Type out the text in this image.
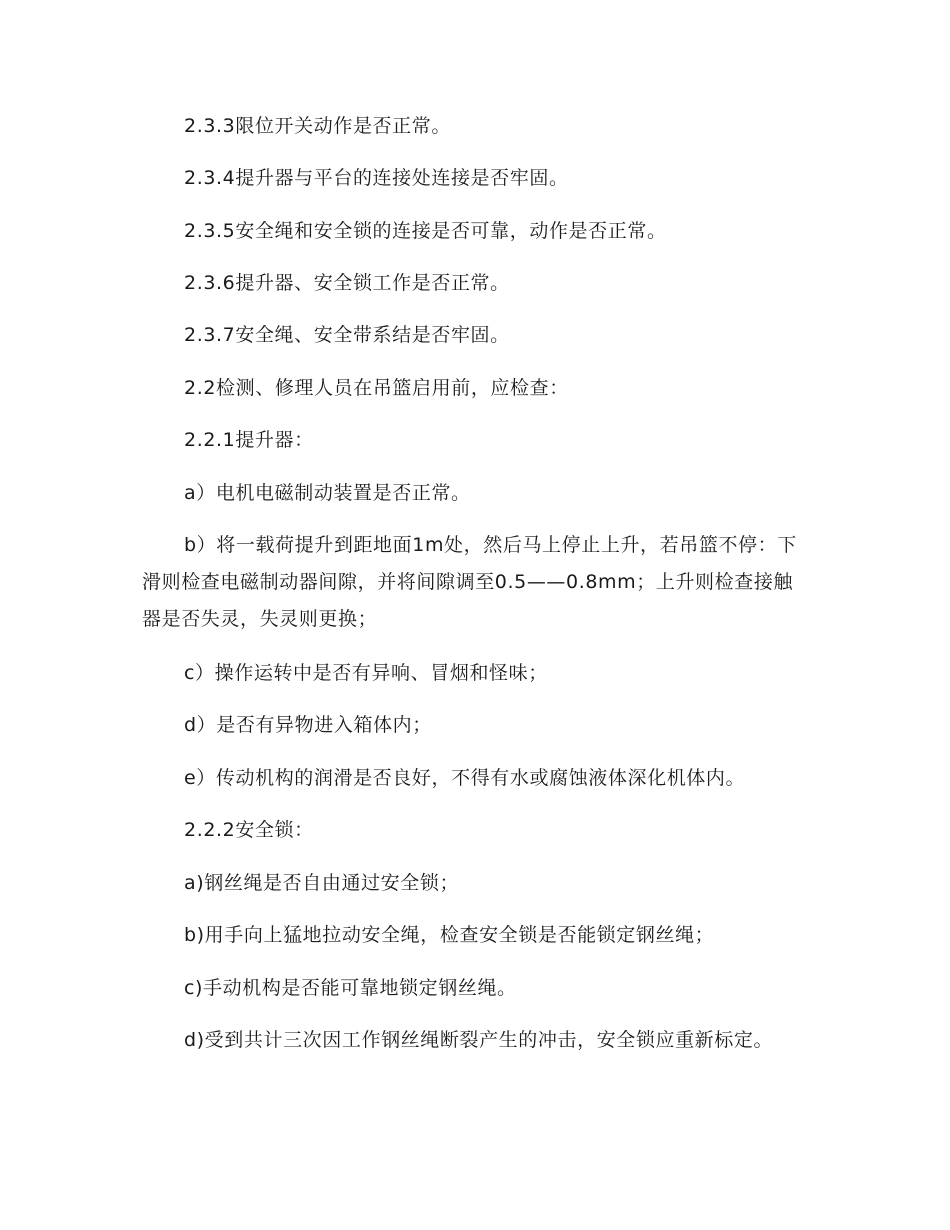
2.3.3限位开关动作是否正常。

2.3.4提升器与平台的连接处连接是否牢固。

2.3.5安全绳和安全锁的连接是否可靠，动作是否正常。

2.3.6提升器、安全锁工作是否正常。

2.3.7安全绳、安全带系结是否牢固。

2.2检测、修理人员在吊篮启用前，应检查：

2.2.1提升器：

a）电机电磁制动装置是否正常。

b）将一载荷提升到距地面1m处，然后马上停止上升，若吊篮不停：下滑则检查电磁制动器间隙，并将间隙调至0.5——0.8mm；上升则检查接触器是否失灵，失灵则更换；

c）操作运转中是否有异响、冒烟和怪味；

d）是否有异物进入箱体内；

e）传动机构的润滑是否良好，不得有水或腐蚀液体深化机体内。

2.2.2安全锁：

a)钢丝绳是否自由通过安全锁；

b)用手向上猛地拉动安全绳，检查安全锁是否能锁定钢丝绳；

c)手动机构是否能可靠地锁定钢丝绳。

d)受到共计三次因工作钢丝绳断裂产生的冲击，安全锁应重新标定。
